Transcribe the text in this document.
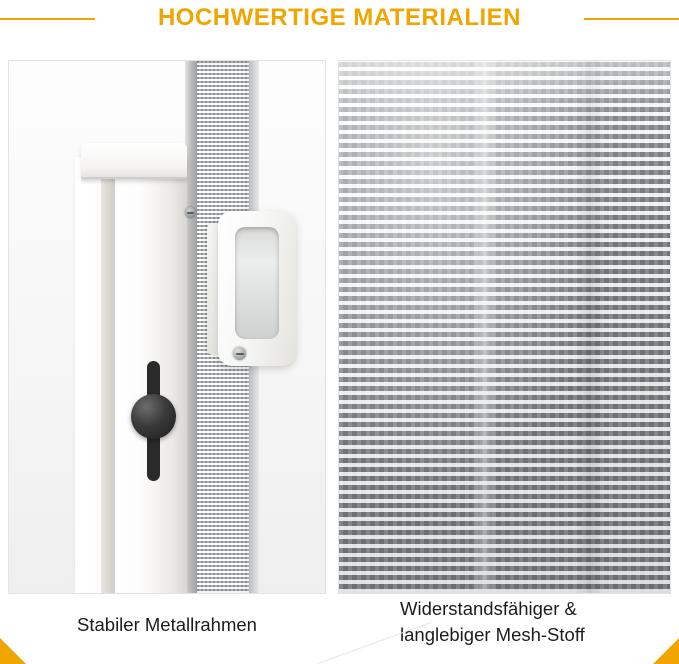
HOCHWERTIGE MATERIALIEN
Stabiler Metallrahmen
Widerstandsfähiger &
langlebiger Mesh-Stoff
